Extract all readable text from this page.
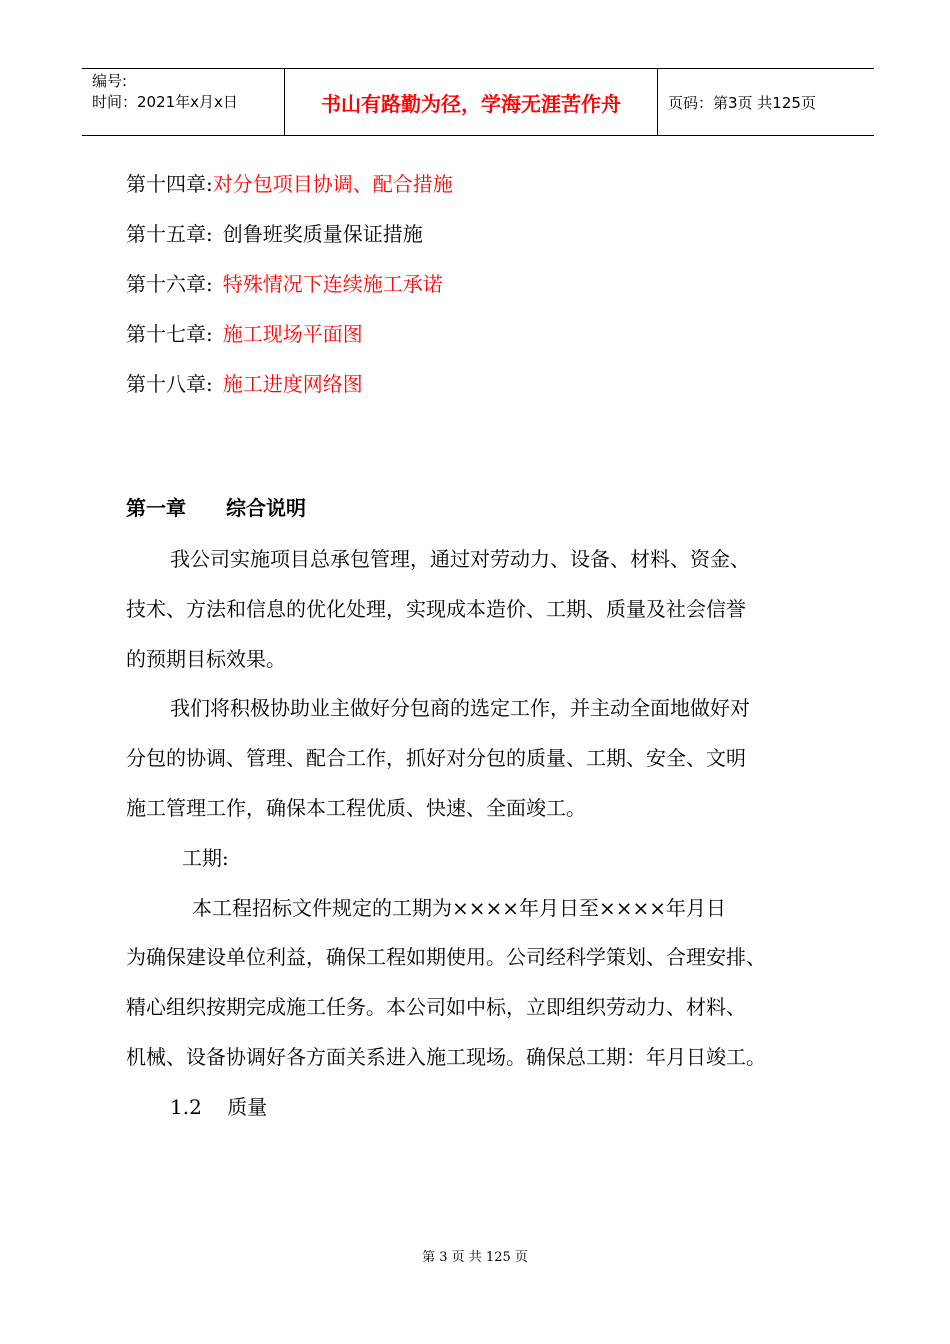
编号:
时间：2021年x月x日	书山有路勤为径，学海无涯苦作舟	页码：第3页 共125页
第十四章:对分包项目协调、配合措施
第十五章: 创鲁班奖质量保证措施
第十六章: 特殊情况下连续施工承诺
第十七章: 施工现场平面图
第十八章: 施工进度网络图
第一章 综合说明
我公司实施项目总承包管理，通过对劳动力、设备、材料、资金、
技术、方法和信息的优化处理，实现成本造价、工期、质量及社会信誉
的预期目标效果。
我们将积极协助业主做好分包商的选定工作，并主动全面地做好对
分包的协调、管理、配合工作，抓好对分包的质量、工期、安全、文明
施工管理工作，确保本工程优质、快速、全面竣工。
工期:
本工程招标文件规定的工期为××××年月日至××××年月日
为确保建设单位利益，确保工程如期使用。公司经科学策划、合理安排、
精心组织按期完成施工任务。本公司如中标，立即组织劳动力、材料、
机械、设备协调好各方面关系进入施工现场。确保总工期：年月日竣工。
1.2    质量
第 3 页 共 125 页
